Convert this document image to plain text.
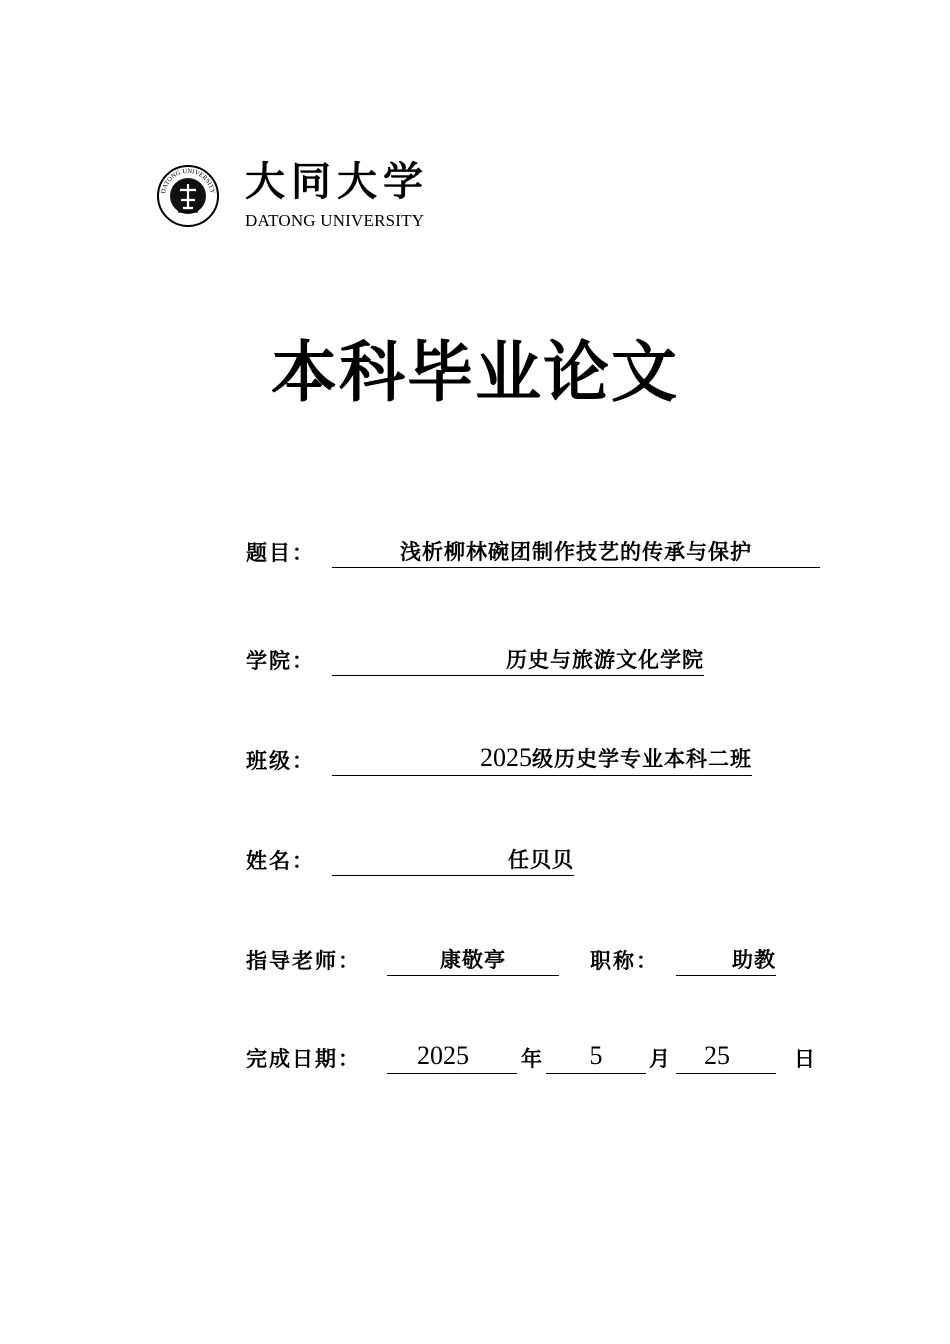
DATONG UNIVERSITY 大同大学
DATONG UNIVERSITY
本科毕业论文
题目：	浅析柳林碗团制作技艺的传承与保护
学院：	历史与旅游文化学院
班级：	2025级历史学专业本科二班
姓名：	任贝贝
指导老师：	康敬亭	职称：	助教
完成日期：	2025	年	5	月	25	日
